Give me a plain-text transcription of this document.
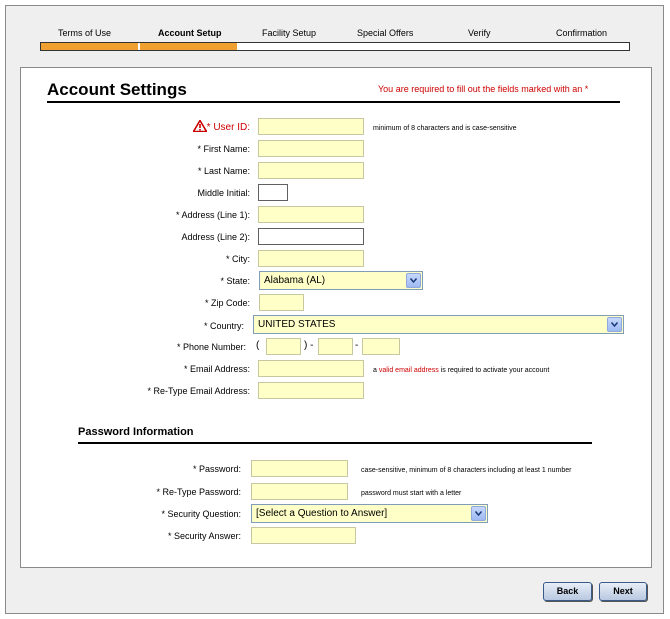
Terms of Use	Account Setup	Facility Setup	Special Offers	Verify	Confirmation
Account Settings	You are required to fill out the fields marked with an *
* User ID:	minimum of 8 characters and is case-sensitive
* First Name:
* Last Name:
Middle Initial:
* Address (Line 1):
Address (Line 2):
* City:
* State:	Alabama (AL)
* Zip Code:
* Country:	UNITED STATES
* Phone Number: (	) -	-
* Email Address:	a valid email address is required to activate your account
* Re-Type Email Address:
Password Information
* Password:	case-sensitive, minimum of 8 characters including at least 1 number
* Re-Type Password:	password must start with a letter
* Security Question:	[Select a Question to Answer]
* Security Answer:
Back	Next
